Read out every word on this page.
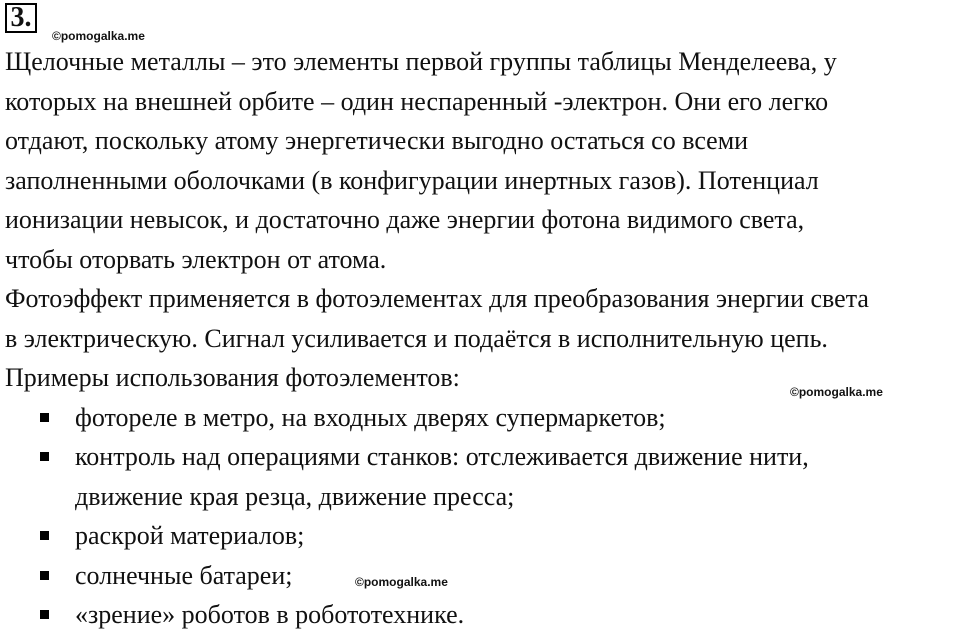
3.
©pomogalka.me
©pomogalka.me
©pomogalka.me
Щелочные металлы – это элементы первой группы таблицы Менделеева, у
которых на внешней орбите – один неспаренный -электрон. Они его легко
отдают, поскольку атому энергетически выгодно остаться со всеми
заполненными оболочками (в конфигурации инертных газов). Потенциал
ионизации невысок, и достаточно даже энергии фотона видимого света,
чтобы оторвать электрон от атома.
Фотоэффект применяется в фотоэлементах для преобразования энергии света
в электрическую. Сигнал усиливается и подаётся в исполнительную цепь.
Примеры использования фотоэлементов:
фотореле в метро, на входных дверях супермаркетов;
контроль над операциями станков: отслеживается движение нити,
движение края резца, движение пресса;
раскрой материалов;
солнечные батареи;
«зрение» роботов в робототехнике.
